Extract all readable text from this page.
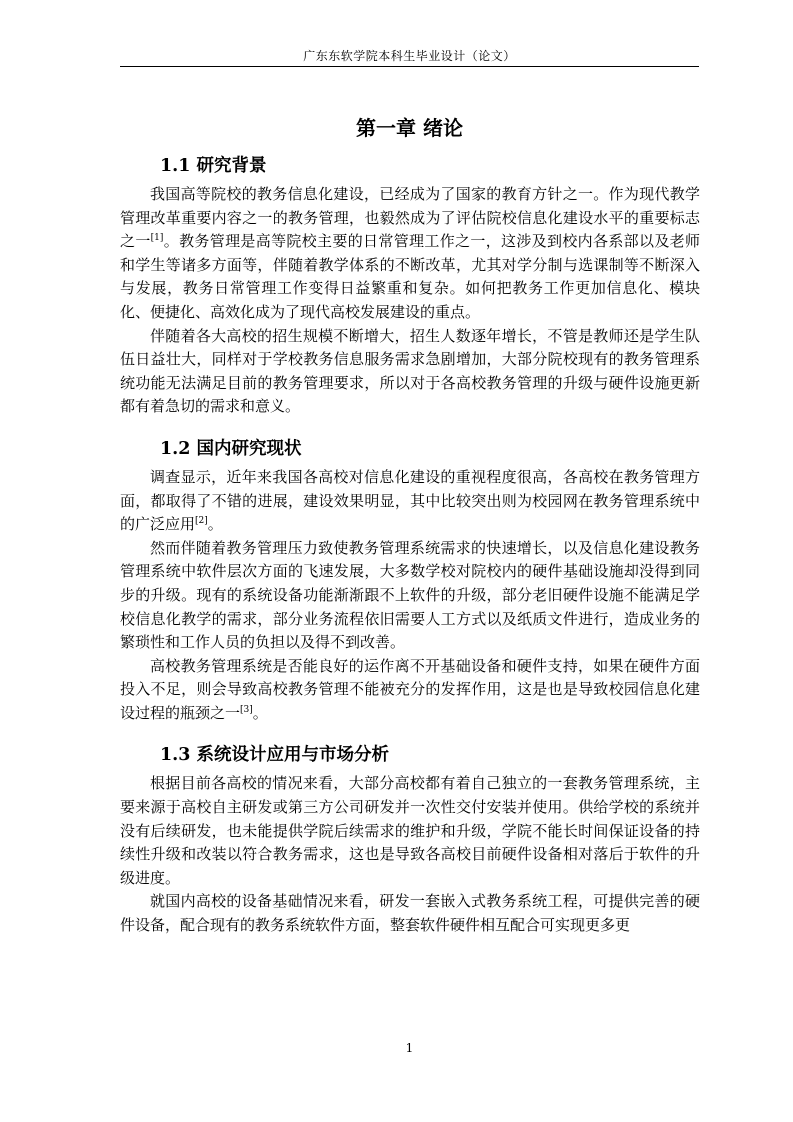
广东东软学院本科生毕业设计（论文）
第一章 绪论
1.1 研究背景

我国高等院校的教务信息化建设，已经成为了国家的教育方针之一。作为现代教学管理改革重要内容之一的教务管理，也毅然成为了评估院校信息化建设水平的重要标志之一[1]。教务管理是高等院校主要的日常管理工作之一，这涉及到校内各系部以及老师和学生等诸多方面等，伴随着教学体系的不断改革，尤其对学分制与选课制等不断深入与发展，教务日常管理工作变得日益繁重和复杂。如何把教务工作更加信息化、模块化、便捷化、高效化成为了现代高校发展建设的重点。

伴随着各大高校的招生规模不断增大，招生人数逐年增长，不管是教师还是学生队伍日益壮大，同样对于学校教务信息服务需求急剧增加，大部分院校现有的教务管理系统功能无法满足目前的教务管理要求，所以对于各高校教务管理的升级与硬件设施更新都有着急切的需求和意义。

1.2 国内研究现状

调查显示，近年来我国各高校对信息化建设的重视程度很高，各高校在教务管理方面，都取得了不错的进展，建设效果明显，其中比较突出则为校园网在教务管理系统中的广泛应用[2]。

然而伴随着教务管理压力致使教务管理系统需求的快速增长，以及信息化建设教务管理系统中软件层次方面的飞速发展，大多数学校对院校内的硬件基础设施却没得到同步的升级。现有的系统设备功能渐渐跟不上软件的升级，部分老旧硬件设施不能满足学校信息化教学的需求，部分业务流程依旧需要人工方式以及纸质文件进行，造成业务的繁琐性和工作人员的负担以及得不到改善。

高校教务管理系统是否能良好的运作离不开基础设备和硬件支持，如果在硬件方面投入不足，则会导致高校教务管理不能被充分的发挥作用，这是也是导致校园信息化建设过程的瓶颈之一[3]。

1.3 系统设计应用与市场分析

根据目前各高校的情况来看，大部分高校都有着自己独立的一套教务管理系统，主要来源于高校自主研发或第三方公司研发并一次性交付安装并使用。供给学校的系统并没有后续研发，也未能提供学院后续需求的维护和升级，学院不能长时间保证设备的持续性升级和改装以符合教务需求，这也是导致各高校目前硬件设备相对落后于软件的升级进度。

就国内高校的设备基础情况来看，研发一套嵌入式教务系统工程，可提供完善的硬件设备，配合现有的教务系统软件方面，整套软件硬件相互配合可实现更多更

1
